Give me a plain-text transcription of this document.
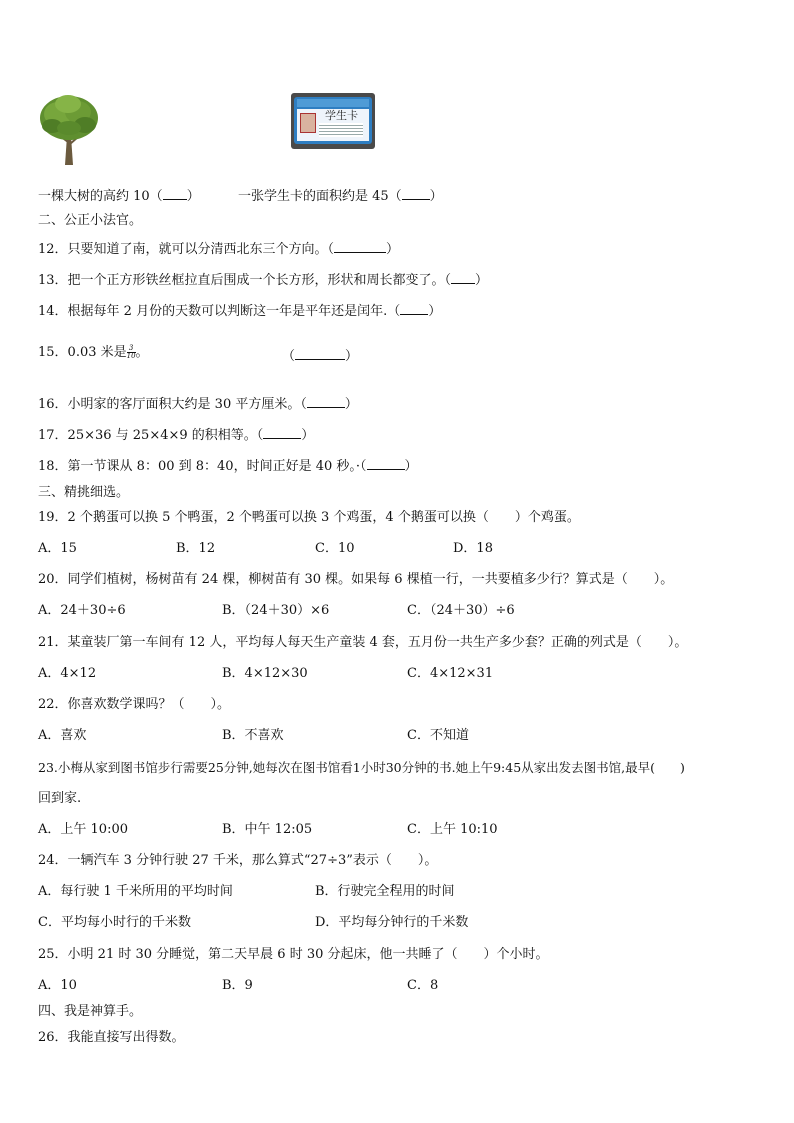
学生卡
一棵大树的高约 10（ ）	一张学生卡的面积约是 45（ ）
二、公正小法官。
12．只要知道了南，就可以分清西北东三个方向。（	）
13．把一个正方形铁丝框拉直后围成一个长方形，形状和周长都变了。（ ）
14．根据每年 2 月份的天数可以判断这一年是平年还是闰年.（ ）
15．0.03 米是 $\frac{3}{10}$ 。	（	）
16．小明家的客厅面积大约是 30 平方厘米。（	）
17．25×36 与 25×4×9 的积相等。（	）
18．第一节课从 8：00 到 8：40，时间正好是 40 秒。·（	）
三、精挑细选。
19．2 个鹅蛋可以换 5 个鸭蛋，2 个鸭蛋可以换 3 个鸡蛋，4 个鹅蛋可以换（　　）个鸡蛋。
A．15	B．12	C．10	D．18
20．同学们植树，杨树苗有 24 棵，柳树苗有 30 棵。如果每 6 棵植一行，一共要植多少行？算式是（　　）。
A．24＋30÷6	B．（24＋30）×6	C．（24＋30）÷6
21．某童装厂第一车间有 12 人，平均每人每天生产童装 4 套，五月份一共生产多少套？正确的列式是（　　）。
A．4×12	B．4×12×30	C．4×12×31
22．你喜欢数学课吗？（　　）。
A．喜欢	B．不喜欢	C．不知道
23.小梅从家到图书馆步行需要25分钟,她每次在图书馆看1小时30分钟的书.她上午9:45从家出发去图书馆,最早(　　)
回到家.
A．上午 10:00	B．中午 12:05	C．上午 10:10
24．一辆汽车 3 分钟行驶 27 千米，那么算式“27÷3”表示（　　）。
A．每行驶 1 千米所用的平均时间	B．行驶完全程用的时间
C．平均每小时行的千米数	D．平均每分钟行的千米数
25．小明 21 时 30 分睡觉，第二天早晨 6 时 30 分起床，他一共睡了（　　）个小时。
A．10	B．9	C．8
四、我是神算手。
26．我能直接写出得数。
